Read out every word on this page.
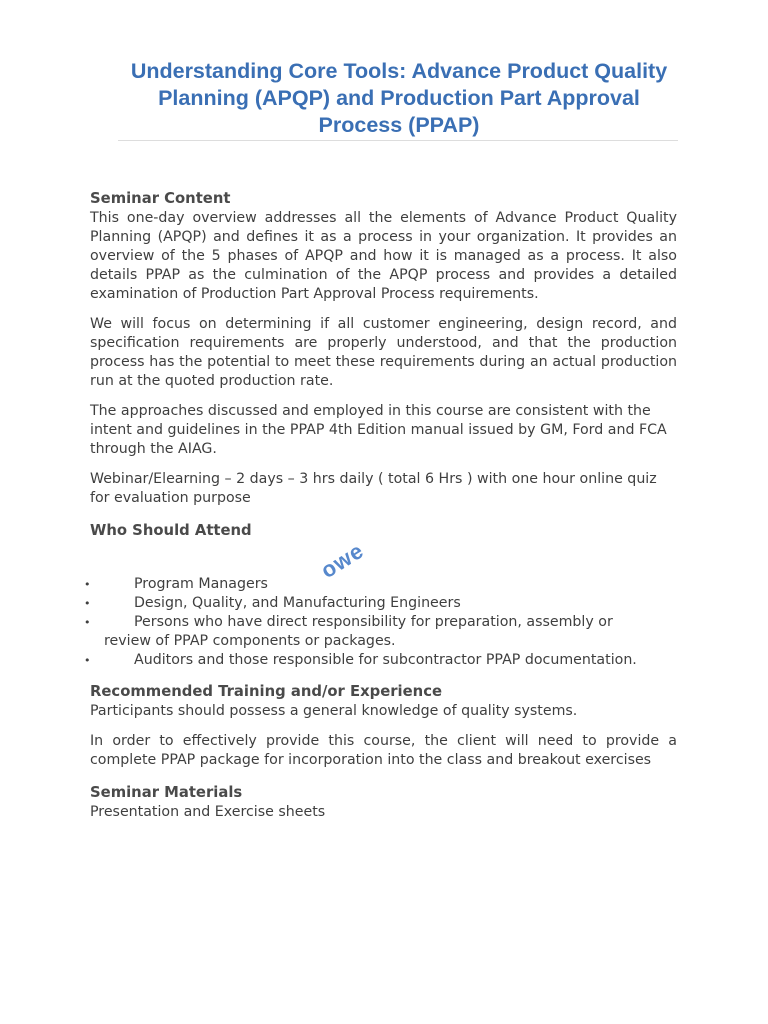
Understanding Core Tools: Advance Product Quality Planning (APQP) and Production Part Approval Process (PPAP)
owe
Seminar Content

This one-day overview addresses all the elements of Advance Product Quality Planning (APQP) and defines it as a process in your organization. It provides an overview of the 5 phases of APQP and how it is managed as a process. It also details PPAP as the culmination of the APQP process and provides a detailed examination of Production Part Approval Process requirements.

We will focus on determining if all customer engineering, design record, and specification requirements are properly understood, and that the production process has the potential to meet these requirements during an actual production run at the quoted production rate.

The approaches discussed and employed in this course are consistent with the intent and guidelines in the PPAP 4th Edition manual issued by GM, Ford and FCA through the AIAG.

Webinar/Elearning – 2 days – 3 hrs daily ( total 6 Hrs ) with one hour online quiz for evaluation purpose

Who Should Attend
•	Program Managers
•	Design, Quality, and Manufacturing Engineers
•	Persons who have direct responsibility for preparation, assembly or review of PPAP components or packages.
•	Auditors and those responsible for subcontractor PPAP documentation.
Recommended Training and/or Experience

Participants should possess a general knowledge of quality systems.

In order to effectively provide this course, the client will need to provide a complete PPAP package for incorporation into the class and breakout exercises

Seminar Materials

Presentation and Exercise sheets
